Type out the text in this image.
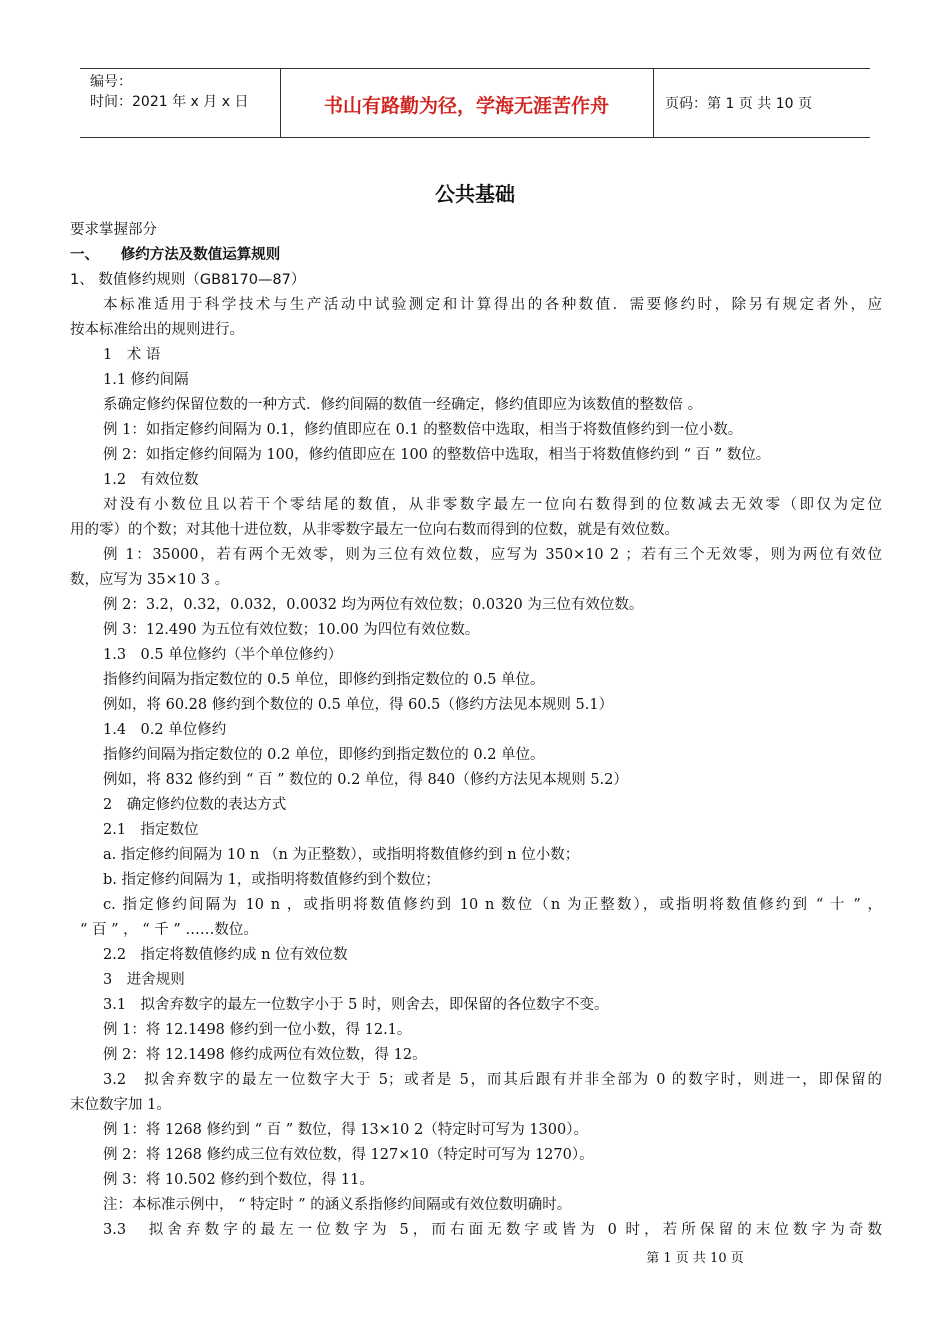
编号：
时间：2021 年 x 月 x 日	书山有路勤为径，学海无涯苦作舟	页码：第 1 页 共 10 页
公共基础
要求掌握部分
一、　　修约方法及数值运算规则
1、 数值修约规则（GB8170—87）
本标准适用于科学技术与生产活动中试验测定和计算得出的各种数值．需要修约时，除另有规定者外，应
按本标准给出的规则进行。
1　术 语
1.1 修约间隔
系确定修约保留位数的一种方式．修约间隔的数值一经确定，修约值即应为该数值的整数倍 。
例 1：如指定修约间隔为 0.1，修约值即应在 0.1 的整数倍中选取，相当于将数值修约到一位小数。
例 2：如指定修约间隔为 100，修约值即应在 100 的整数倍中选取，相当于将数值修约到 “ 百 ” 数位。
1.2　有效位数
对没有小数位且以若干个零结尾的数值，从非零数字最左一位向右数得到的位数减去无效零（即仅为定位
用的零）的个数；对其他十进位数，从非零数字最左一位向右数而得到的位数，就是有效位数。
例 1：35000，若有两个无效零，则为三位有效位数，应写为 350×10 2 ；若有三个无效零，则为两位有效位
数，应写为 35×10 3 。
例 2：3.2，0.32，0.032，0.0032 均为两位有效位数；0.0320 为三位有效位数。
例 3：12.490 为五位有效位数；10.00 为四位有效位数。
1.3　0.5 单位修约（半个单位修约）
指修约间隔为指定数位的 0.5 单位，即修约到指定数位的 0.5 单位。
例如，将 60.28 修约到个数位的 0.5 单位，得 60.5（修约方法见本规则 5.1）
1.4　0.2 单位修约
指修约间隔为指定数位的 0.2 单位，即修约到指定数位的 0.2 单位。
例如，将 832 修约到 “ 百 ” 数位的 0.2 单位，得 840（修约方法见本规则 5.2）
2　确定修约位数的表达方式
2.1　指定数位
a. 指定修约间隔为 10 n （n 为正整数），或指明将数值修约到 n 位小数；
b. 指定修约间隔为 1，或指明将数值修约到个数位；
c. 指定修约间隔为 10 n ，或指明将数值修约到 10 n 数位（n 为正整数），或指明将数值修约到 “ 十 ” ，
“ 百 ” ， “ 千 ” ……数位。
2.2　指定将数值修约成 n 位有效位数
3　进舍规则
3.1　拟舍弃数字的最左一位数字小于 5 时，则舍去，即保留的各位数字不变。
例 1：将 12.1498 修约到一位小数，得 12.1。
例 2：将 12.1498 修约成两位有效位数，得 12。
3.2　拟舍弃数字的最左一位数字大于 5；或者是 5，而其后跟有并非全部为 0 的数字时，则进一，即保留的
末位数字加 1。
例 1：将 1268 修约到 “ 百 ” 数位，得 13×10 2（特定时可写为 1300）。
例 2：将 1268 修约成三位有效位数，得 127×10（特定时可写为 1270）。
例 3：将 10.502 修约到个数位，得 11。
注：本标准示例中， “ 特定时 ” 的涵义系指修约间隔或有效位数明确时。
3.3　拟舍弃数字的最左一位数字为 5，而右面无数字或皆为 0 时，若所保留的末位数字为奇数
第 1 页 共 10 页
